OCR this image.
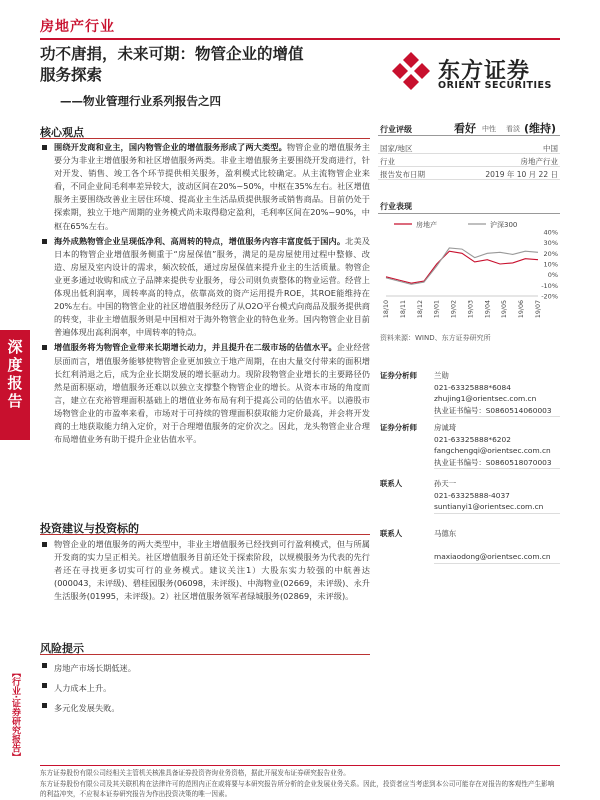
深
度
报
告
【行业·证券研究报告】
房地产行业
功不唐捐，未来可期：物管企业的增值
服务探索
——物业管理行业系列报告之四
东方证券
ORIENT SECURITIES
核心观点
围绕开发商和业主，国内物管企业的增值服务形成了两大类型。物管企业的增值服务主要分为非业主增值服务和社区增值服务两类。非业主增值服务主要围绕开发商进行，针对开发、销售、竣工各个环节提供相关服务，盈利模式比较确定。从主流物管企业来看，不同企业间毛利率差异较大，波动区间在20%~50%，中枢在35%左右。社区增值服务主要围绕改善业主居住环境、提高业主生活品质提供服务或销售商品。目前仍处于探索期，独立于地产周期的业务模式尚未取得稳定盈利，毛利率区间在20%~90%，中枢在65%左右。
海外成熟物管企业呈现低净利、高周转的特点，增值服务内容丰富度低于国内。北美及日本的物管企业增值服务侧重于“房屋保值”服务，满足的是房屋使用过程中整修、改造、房屋及室内设计的需求，频次较低，通过房屋保值来提升业主的生活质量。物管企业更多通过收购和成立子品牌来提供专业服务，母公司则负责整体的物业运营。经营上体现出低利润率，周转率高的特点，依靠高效的资产运用提升ROE，其ROE能维持在20%左右。中国的物管企业的社区增值服务经历了从O2O平台模式向商品及服务提供商的转变，非业主增值服务则是中国相对于海外物管企业的特色业务。国内物管企业目前普遍体现出高利润率，中周转率的特点。
增值服务将为物管企业带来长期增长动力，并且提升在二级市场的估值水平。企业经营层面而言，增值服务能够使物管企业更加独立于地产周期，在由大量交付带来的面积增长红利消退之后，成为企业长期发展的增长驱动力。现阶段物管企业增长的主要路径仍然是面积驱动，增值服务还难以以独立支撑整个物管企业的增长。从资本市场的角度而言，建立在充裕管理面积基础上的增值业务布局有利于提高公司的估值水平。以港股市场物管企业的市盈率来看，市场对于可持续的管理面积获取能力定价最高，并会将开发商的土地获取能力纳入定价，对于合理增值服务的定价次之。因此，龙头物管企业合理布局增值业务有助于提升企业估值水平。
投资建议与投资标的
物管企业的增值服务的两大类型中，非业主增值服务已经找到可行盈利模式，但与所属开发商的实力呈正相关。社区增值服务目前还处于探索阶段，以规模服务为代表的先行者还在寻找更多切实可行的业务模式。建议关注1）大股东实力较强的中航善达(000043，未评级)、碧桂园服务(06098，未评级)、中海物业(02669，未评级)、永升生活服务(01995，未评级)。2）社区增值服务领军者绿城服务(02869，未评级)。
风险提示
房地产市场长期低迷。
人力成本上升。
多元化发展失败。
行业评级	看好 中性 看淡 (维持)
国家/地区	中国
行业	房地产行业
报告发布日期	2019 年 10 月 22 日
行业表现
房地产	沪深300
40%
30%
20%
10%
0%
-10%
-20%
18/10 18/11 18/12 19/01 19/02 19/03 19/04 19/05 19/06 19/07
资料来源：WIND、东方证券研究所
证券分析师 兰勋
021-63325888*6084
zhujing1@orientsec.com.cn
执业证书编号：S0860514060003
证券分析师 房诚琦
021-63325888*6202
fangchengqi@orientsec.com.cn
执业证书编号：S0860518070003
联系人	孙天一
021-63325888-4037
suntianyi1@orientsec.com.cn
联系人	马德东
maxiaodong@orientsec.com.cn
东方证券股份有限公司经相关主管机关核准具备证券投资咨询业务资格，据此开展发布证券研究报告业务。
东方证券股份有限公司及其关联机构在法律许可的范围内正在或将要与本研究报告所分析的企业发展业务关系。因此，投资者应当考虑到本公司可能存在对报告的客观性产生影响的利益冲突，不应视本证券研究报告为作出投资决策的唯一因素。
